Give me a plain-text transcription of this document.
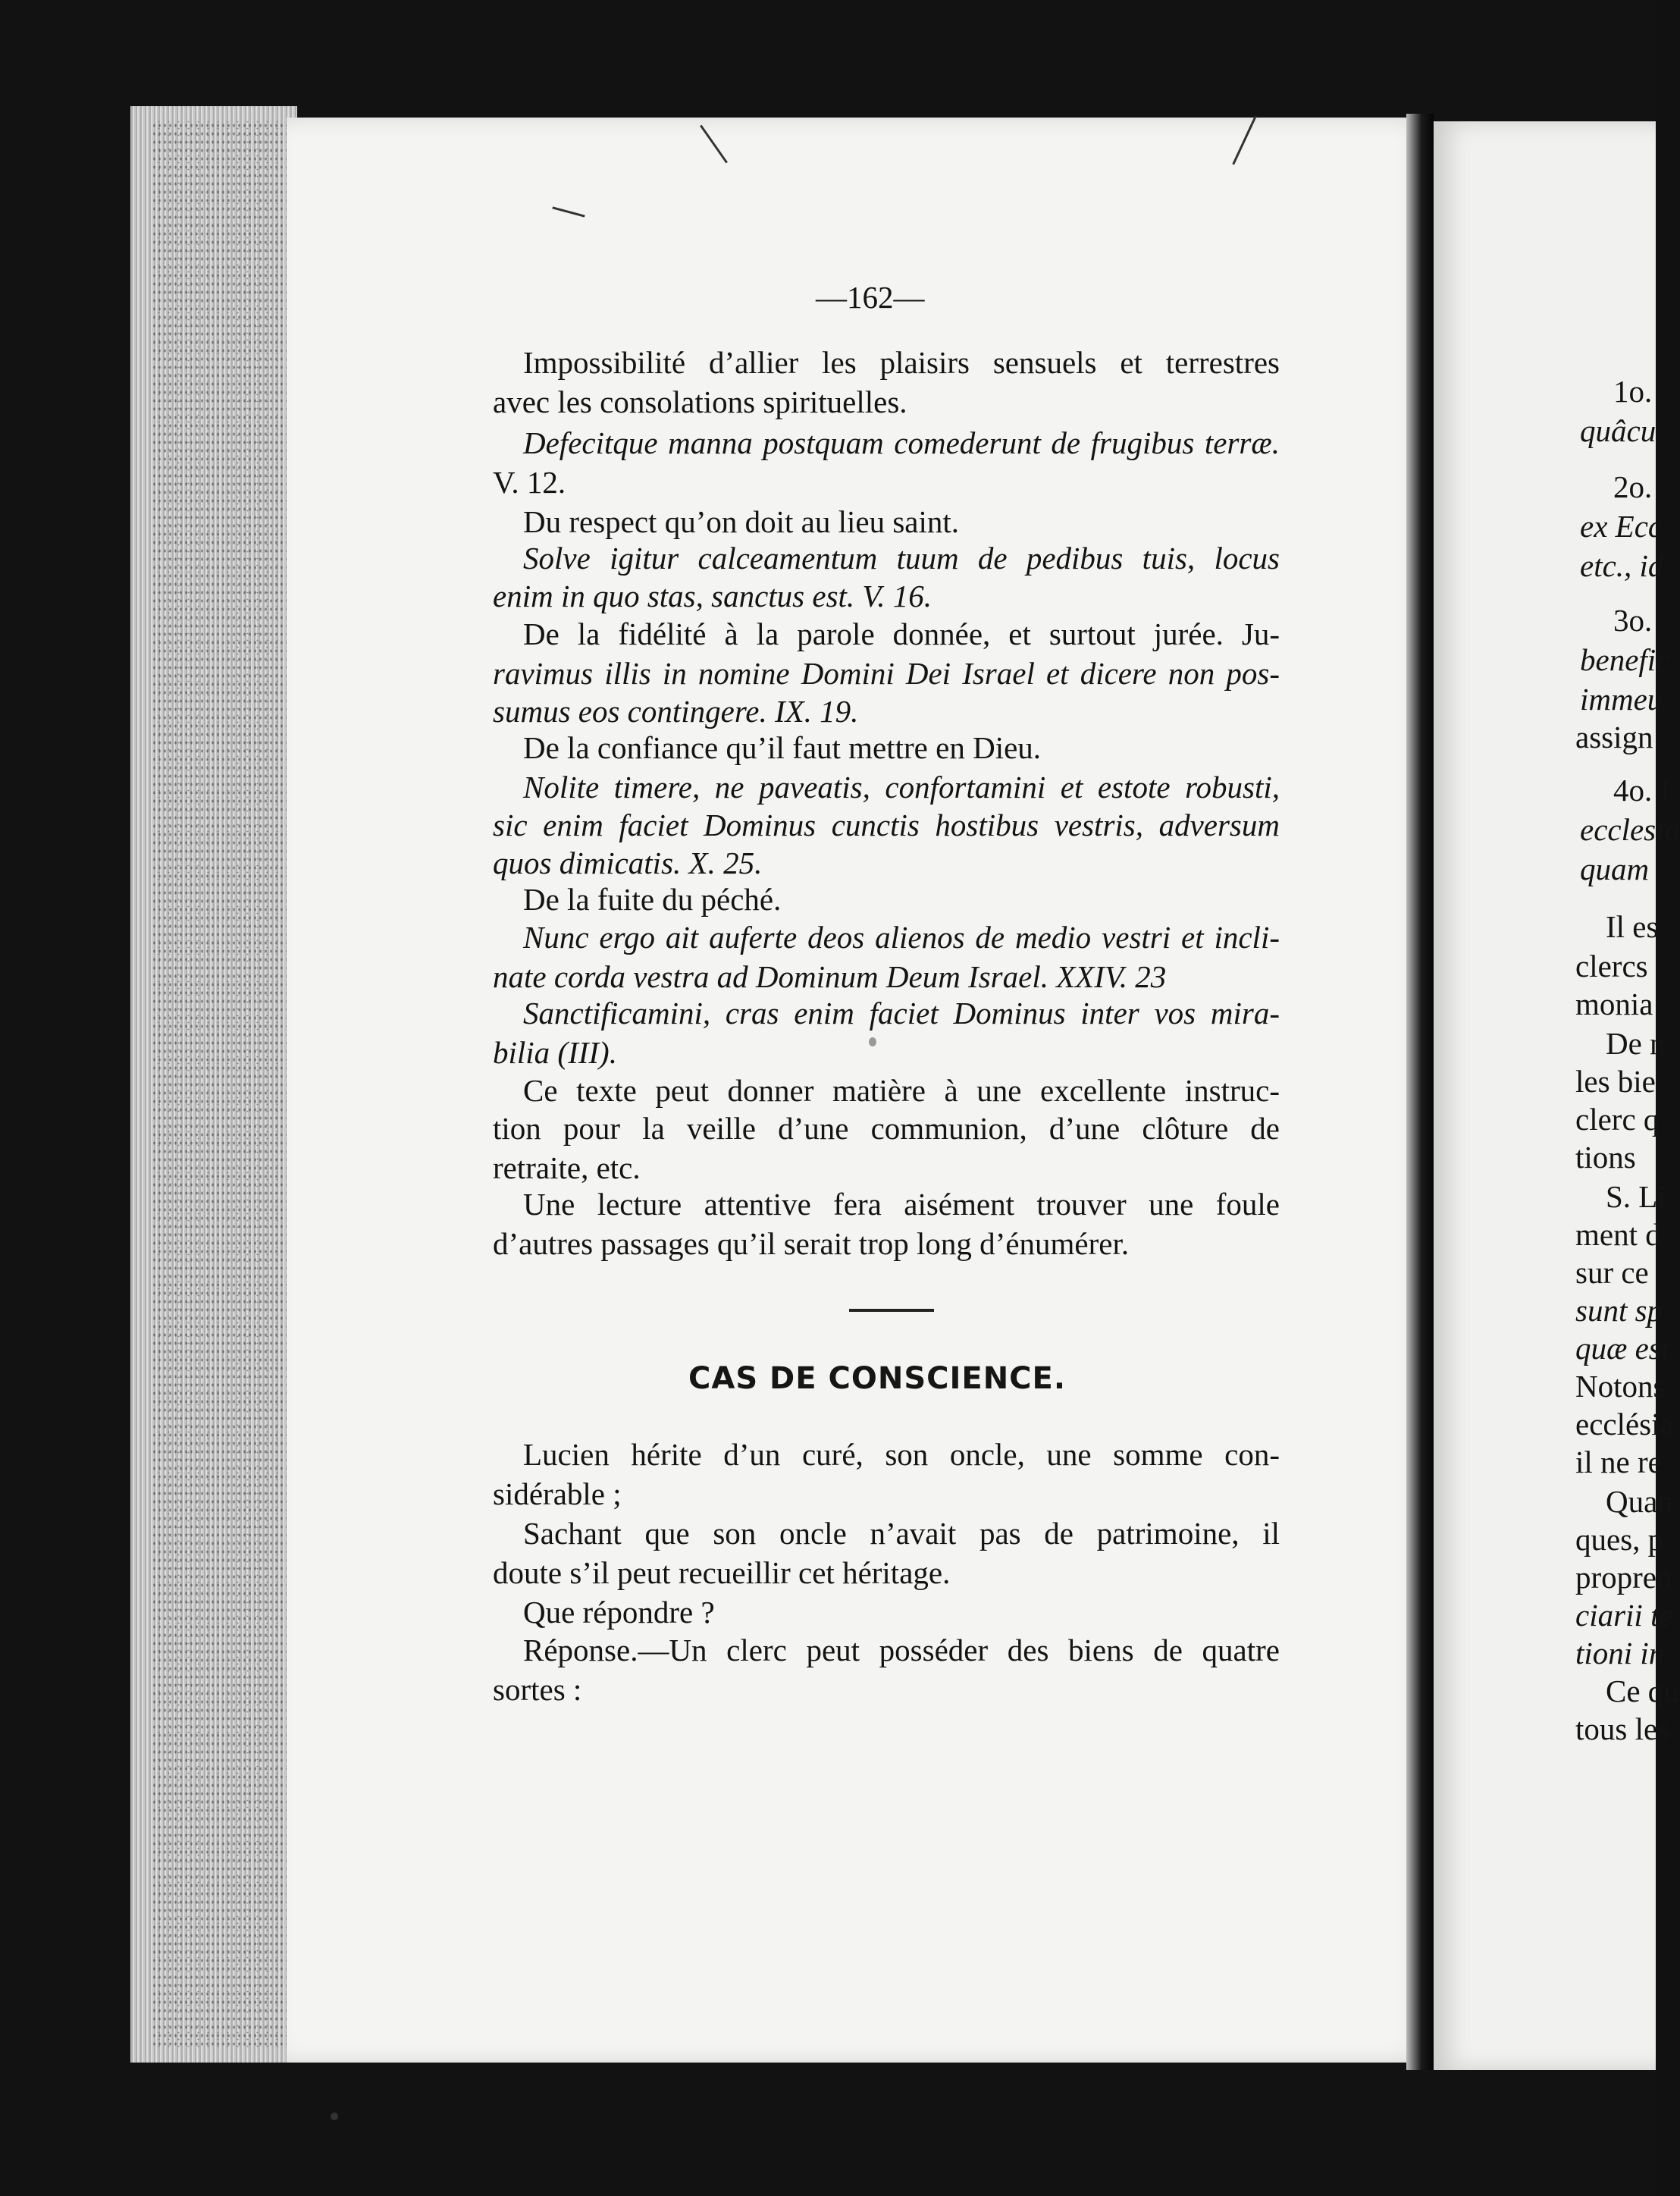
—162—

Impossibilité d’allier les plaisirs sensuels et terrestres

avec les consolations spirituelles.

Defecitque manna postquam comederunt de frugibus terræ.

V. 12.

Du respect qu’on doit au lieu saint.

Solve igitur calceamentum tuum de pedibus tuis, locus

enim in quo stas, sanctus est. V. 16.

De la fidélité à la parole donnée, et surtout jurée. Ju-

ravimus illis in nomine Domini Dei Israel et dicere non pos-

sumus eos contingere. IX. 19.

De la confiance qu’il faut mettre en Dieu.

Nolite timere, ne paveatis, confortamini et estote robusti,

sic enim faciet Dominus cunctis hostibus vestris, adversum

quos dimicatis. X. 25.

De la fuite du péché.

Nunc ergo ait auferte deos alienos de medio vestri et incli-

nate corda vestra ad Dominum Deum Israel. XXIV. 23

Sanctificamini, cras enim faciet Dominus inter vos mira-

bilia (III).

Ce texte peut donner matière à une excellente instruc-

tion pour la veille d’une communion, d’une clôture de

retraite, etc.

Une lecture attentive fera aisément trouver une foule

d’autres passages qu’il serait trop long d’énumérer.

CAS DE CONSCIENCE.

Lucien hérite d’un curé, son oncle, une somme con-

sidérable ;

Sachant que son oncle n’avait pas de patrimoine, il

doute s’il peut recueillir cet héritage.

Que répondre ?

Réponse.—Un clerc peut posséder des biens de quatre

sortes :

1o.
quâcu
2o.
ex Ecc
etc., id
3o.
benefic
immeu
assign
4o. I
ecclesia
quam
Il es
clercs
monia
De n
les bie
clerc q
tions
S. Li
ment d
sur ce
sunt sp
quæ est
Notons
ecclésia
il ne re
Quan
ques, p
propren
ciarii te
tioni in
Ce qu
tous les
